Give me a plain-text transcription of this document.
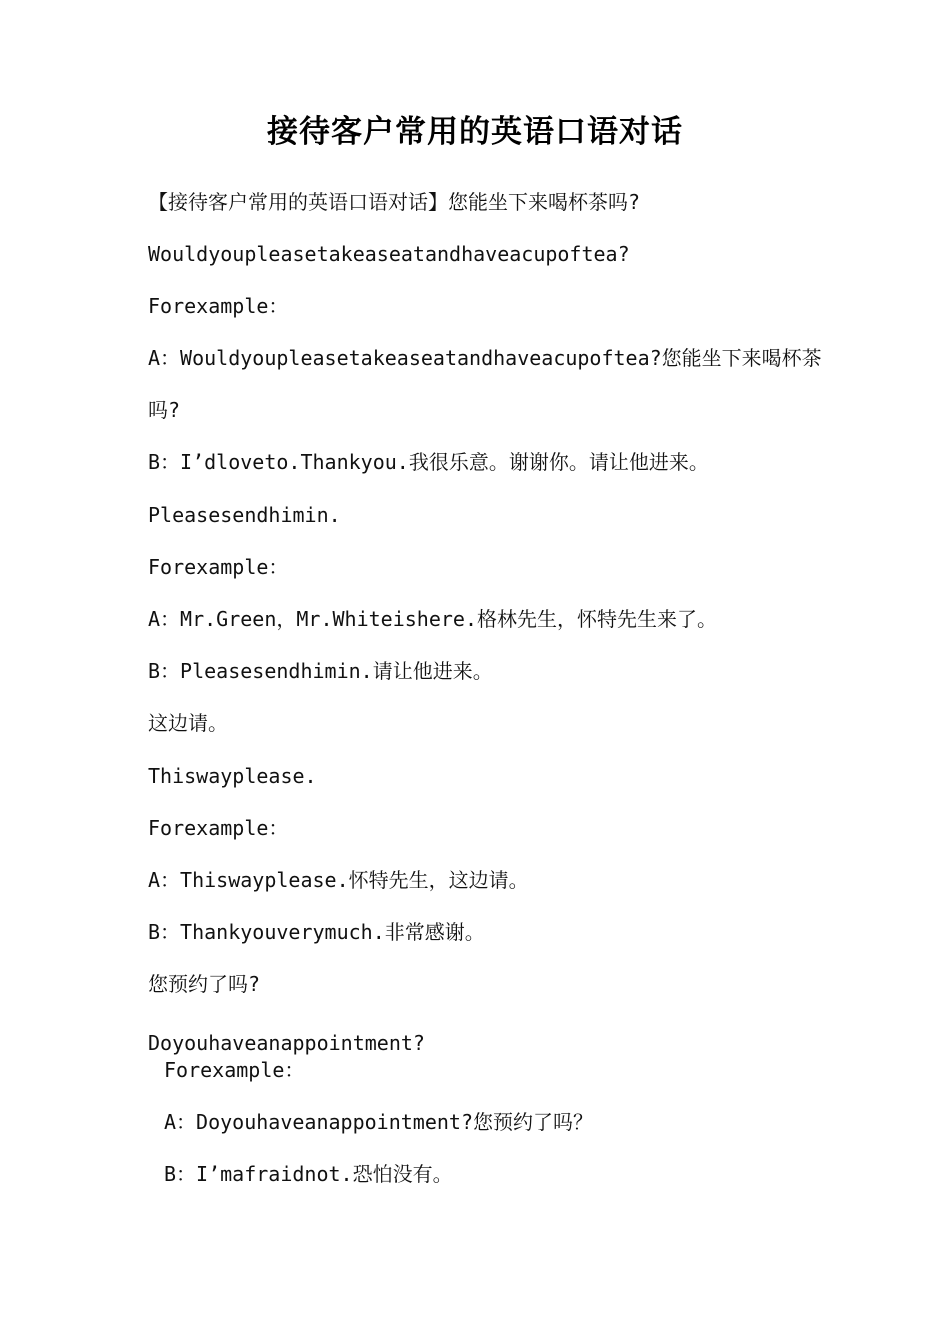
接待客户常用的英语口语对话
【接待客户常用的英语口语对话】您能坐下来喝杯茶吗?
Wouldyoupleasetakeaseatandhaveacupoftea?
Forexample：
A：Wouldyoupleasetakeaseatandhaveacupoftea?您能坐下来喝杯茶
吗?
B：I’dloveto.Thankyou.我很乐意。谢谢你。请让他进来。
Pleasesendhimin.
Forexample：
A：Mr.Green，Mr.Whiteishere.格林先生，怀特先生来了。
B：Pleasesendhimin.请让他进来。
这边请。
Thiswayplease.
Forexample：
A：Thiswayplease.怀特先生，这边请。
B：Thankyouverymuch.非常感谢。
您预约了吗?
Doyouhaveanappointment?
Forexample：
A：Doyouhaveanappointment?您预约了吗？
B：I’mafraidnot.恐怕没有。
